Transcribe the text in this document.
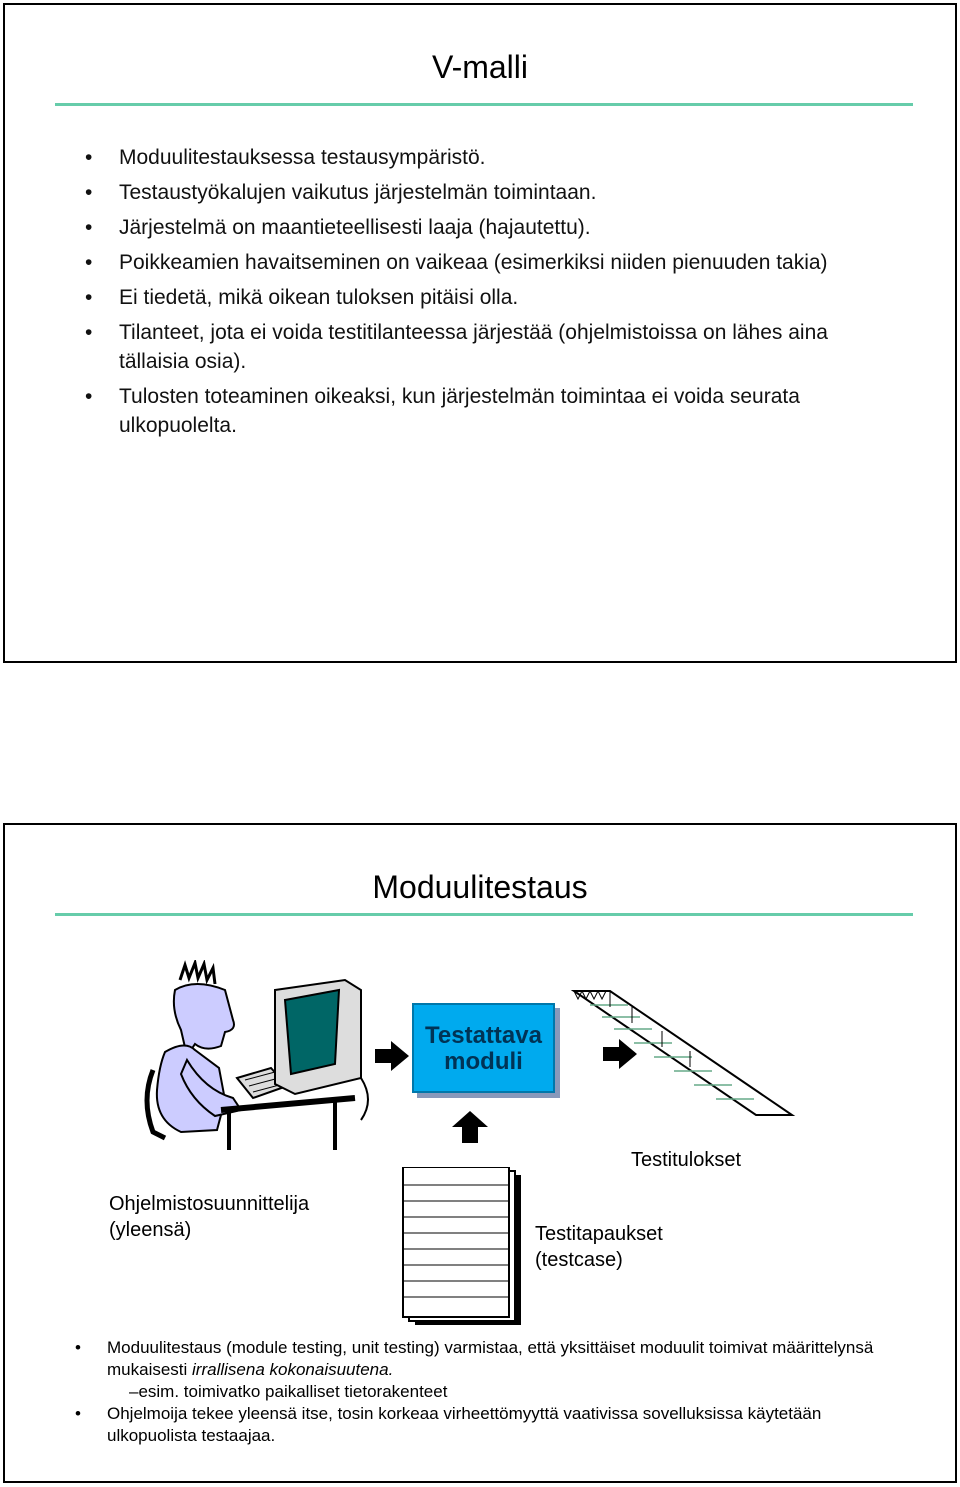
V-malli
• Moduulitestauksessa testausympäristö.
• Testaustyökalujen vaikutus järjestelmän toimintaan.
• Järjestelmä on maantieteellisesti laaja (hajautettu).
• Poikkeamien havaitseminen on vaikeaa (esimerkiksi niiden pienuuden takia)
• Ei tiedetä, mikä oikean tuloksen pitäisi olla.
• Tilanteet, jota ei voida testitilanteessa järjestää (ohjelmistoissa on lähes aina tällaisia osia).
• Tulosten toteaminen oikeaksi, kun järjestelmän toimintaa ei voida seurata ulkopuolelta.
Moduulitestaus
Testattava
moduli
Testitulokset
Ohjelmistosuunnittelija
(yleensä)	Testitapaukset
(testcase)
• Moduulitestaus (module testing, unit testing) varmistaa, että yksittäiset moduulit toimivat määrittelynsä mukaisesti irrallisena kokonaisuutena.
–esim. toimivatko paikalliset tietorakenteet
• Ohjelmoija tekee yleensä itse, tosin korkeaa virheettömyyttä vaativissa sovelluksissa käytetään ulkopuolista testaajaa.
